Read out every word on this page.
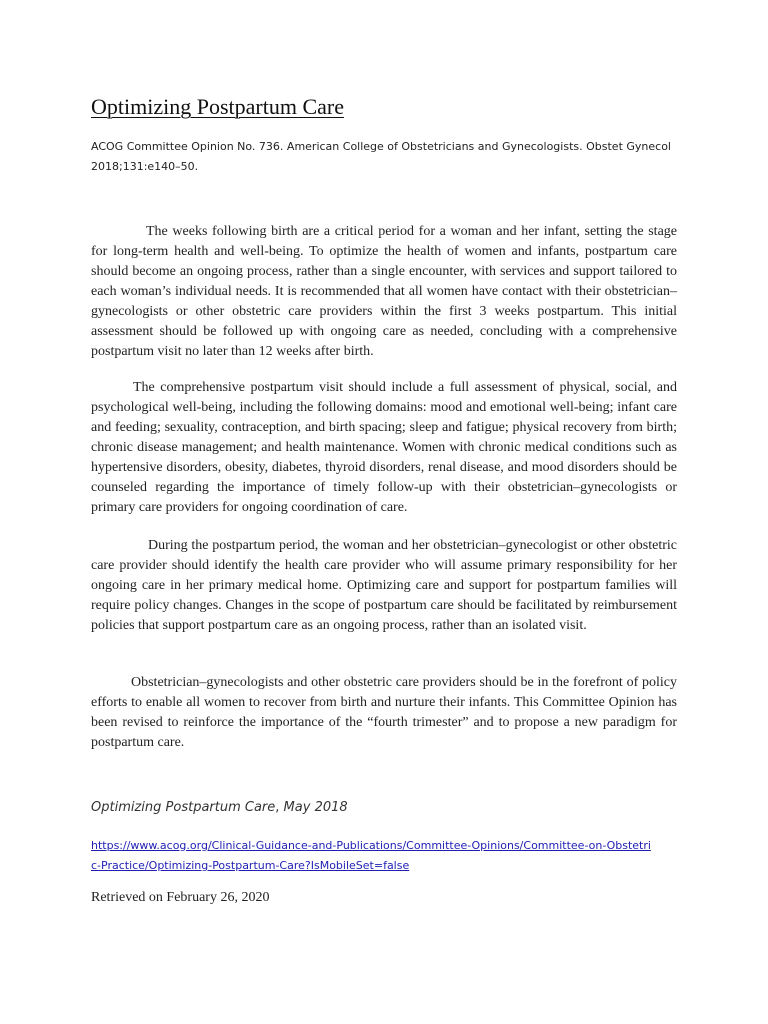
Optimizing Postpartum Care

ACOG Committee Opinion No. 736. American College of Obstetricians and Gynecologists. Obstet Gynecol 2018;131:e140–50.

The weeks following birth are a critical period for a woman and her infant, setting the stage for long-term health and well-being. To optimize the health of women and infants, postpartum care should become an ongoing process, rather than a single encounter, with services and support tailored to each woman’s individual needs. It is recommended that all women have contact with their obstetrician–gynecologists or other obstetric care providers within the first 3 weeks postpartum. This initial assessment should be followed up with ongoing care as needed, concluding with a comprehensive postpartum visit no later than 12 weeks after birth.

The comprehensive postpartum visit should include a full assessment of physical, social, and psychological well-being, including the following domains: mood and emotional well-being; infant care and feeding; sexuality, contraception, and birth spacing; sleep and fatigue; physical recovery from birth; chronic disease management; and health maintenance. Women with chronic medical conditions such as hypertensive disorders, obesity, diabetes, thyroid disorders, renal disease, and mood disorders should be counseled regarding the importance of timely follow-up with their obstetrician–gynecologists or primary care providers for ongoing coordination of care.

During the postpartum period, the woman and her obstetrician–gynecologist or other obstetric care provider should identify the health care provider who will assume primary responsibility for her ongoing care in her primary medical home. Optimizing care and support for postpartum families will require policy changes. Changes in the scope of postpartum care should be facilitated by reimbursement policies that support postpartum care as an ongoing process, rather than an isolated visit.

Obstetrician–gynecologists and other obstetric care providers should be in the forefront of policy efforts to enable all women to recover from birth and nurture their infants. This Committee Opinion has been revised to reinforce the importance of the “fourth trimester” and to propose a new paradigm for postpartum care.

Optimizing Postpartum Care, May 2018

https://www.acog.org/Clinical-Guidance-and-Publications/Committee-Opinions/Committee-on-Obstetric-Practice/Optimizing-Postpartum-Care?IsMobileSet=false

Retrieved on February 26, 2020
